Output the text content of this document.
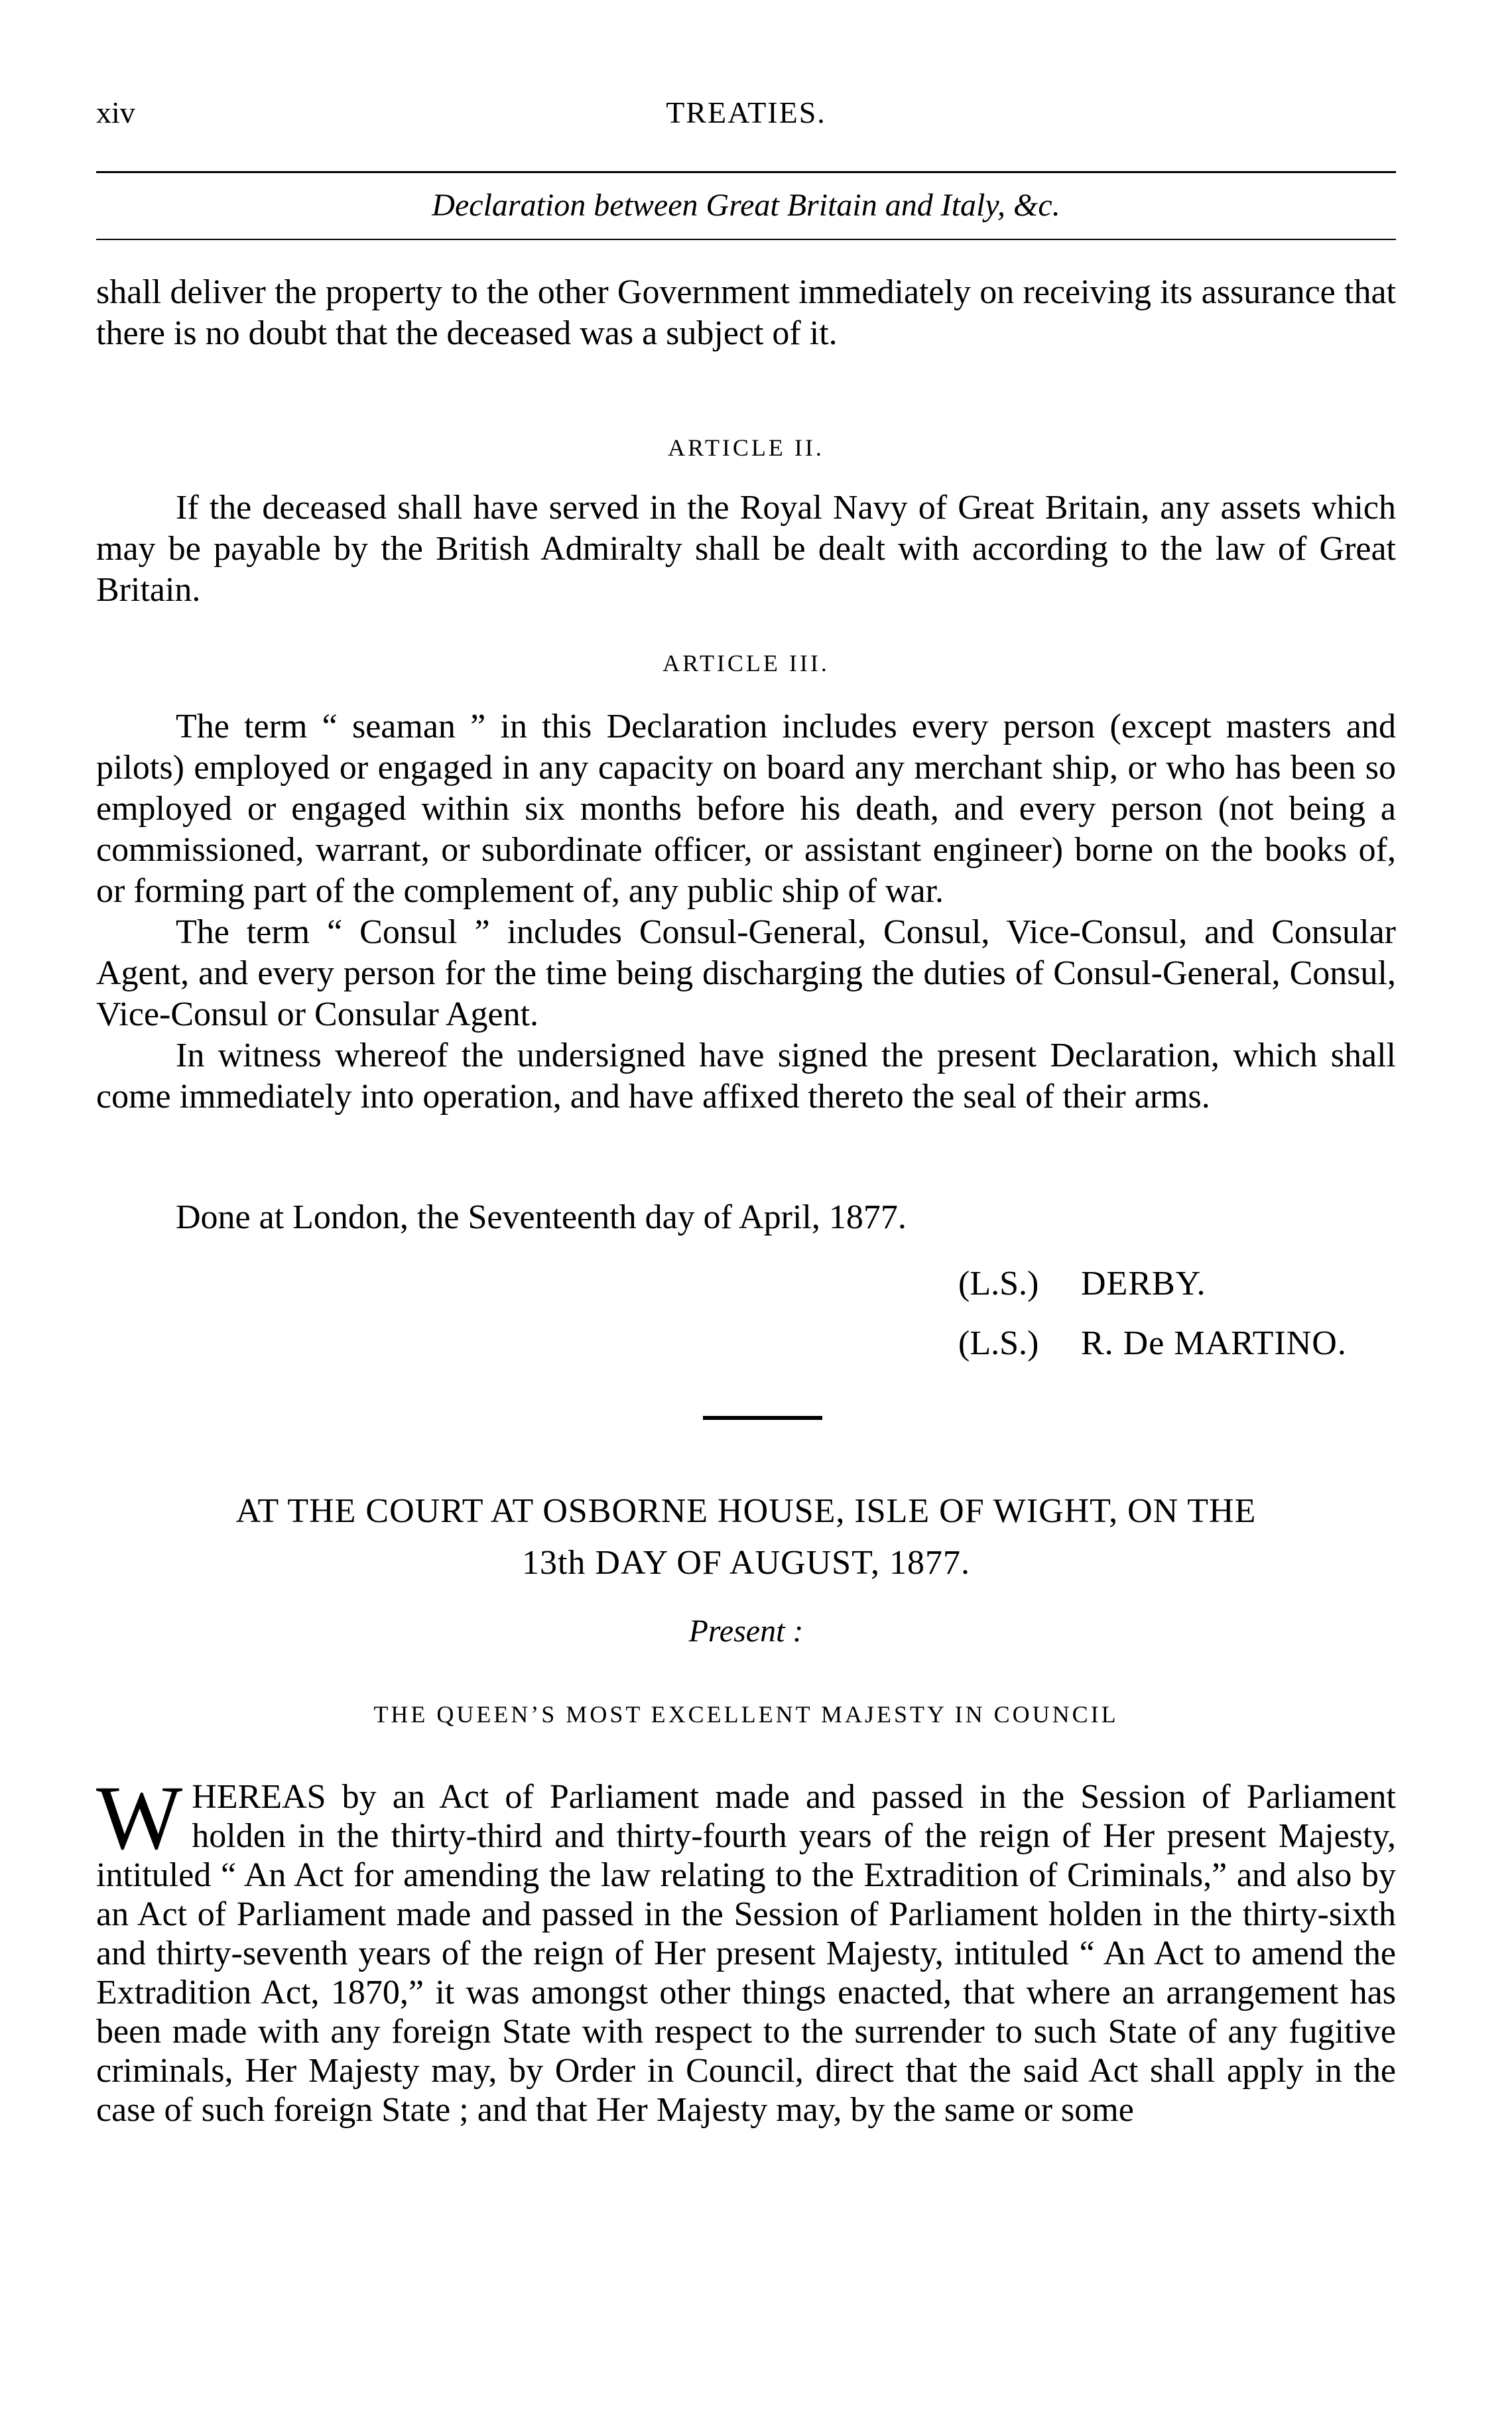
xiv	TREATIES.
Declaration between Great Britain and Italy, &c.

shall deliver the property to the other Government immediately on receiving its assurance that there is no doubt that the deceased was a subject of it.

ARTICLE II.

If the deceased shall have served in the Royal Navy of Great Britain, any assets which may be payable by the British Admiralty shall be dealt with according to the law of Great Britain.

ARTICLE III.

The term “ seaman ” in this Declaration includes every person (except masters and pilots) employed or engaged in any capacity on board any merchant ship, or who has been so employed or engaged within six months before his death, and every person (not being a commissioned, warrant, or subordinate officer, or assistant engineer) borne on the books of, or forming part of the complement of, any public ship of war.

The term “ Consul ” includes Consul-General, Consul, Vice-Consul, and Consular Agent, and every person for the time being discharging the duties of Consul-General, Consul, Vice-Consul or Consular Agent.

In witness whereof the undersigned have signed the present Declaration, which shall come immediately into operation, and have affixed thereto the seal of their arms.

Done at London, the Seventeenth day of April, 1877.

(L.S.) DERBY.
(L.S.) R. De MARTINO.
AT THE COURT AT OSBORNE HOUSE, ISLE OF WIGHT, ON THE
13th DAY OF AUGUST, 1877.
Present :
THE QUEEN’S MOST EXCELLENT MAJESTY IN COUNCIL
W HEREAS by an Act of Parliament made and passed in the Session of Parliament holden in the thirty-third and thirty-fourth years of the reign of Her present Majesty, intituled “ An Act for amending the law relating to the Extradition of Criminals,” and also by an Act of Parliament made and passed in the Session of Parliament holden in the thirty-sixth and thirty-seventh years of the reign of Her present Majesty, intituled “ An Act to amend the Extradition Act, 1870,” it was amongst other things enacted, that where an arrangement has been made with any foreign State with respect to the surrender to such State of any fugitive criminals, Her Majesty may, by Order in Council, direct that the said Act shall apply in the case of such foreign State ; and that Her Majesty may, by the same or some
